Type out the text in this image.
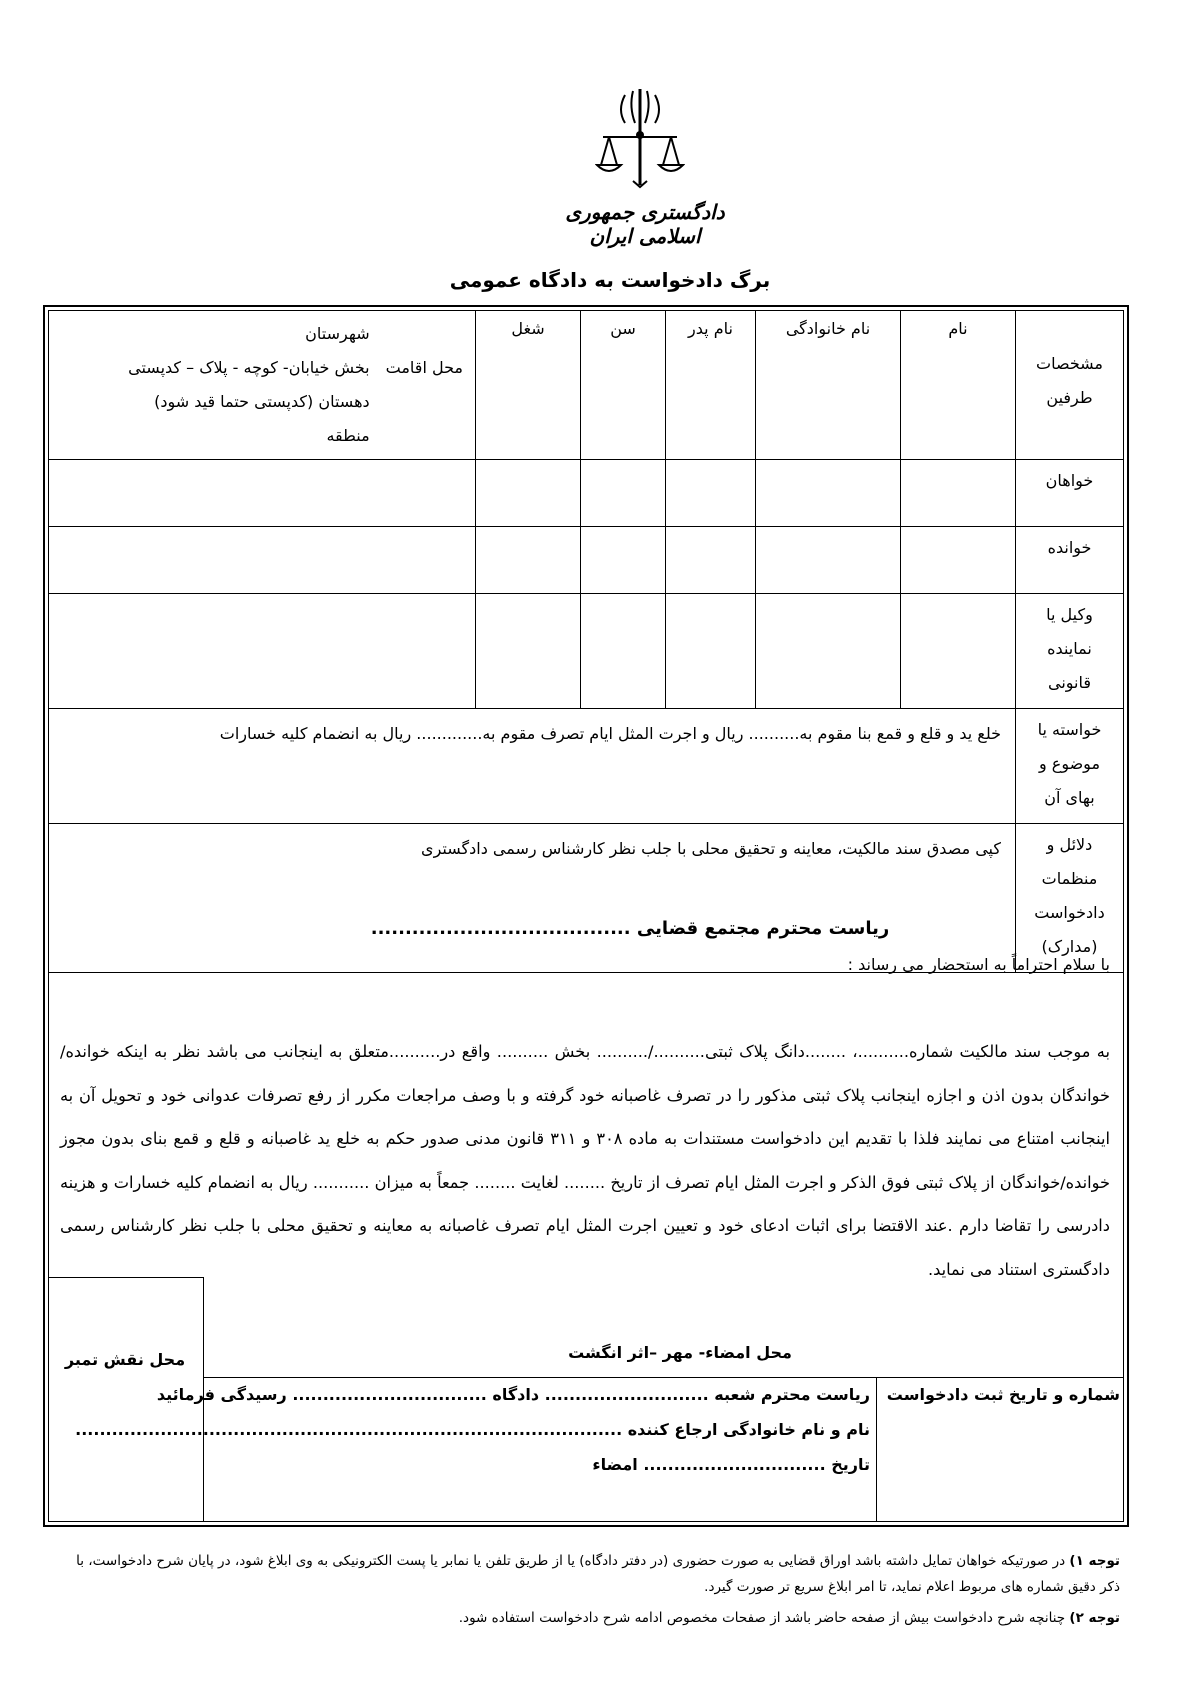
دادگستری جمهوری اسلامی ایران
برگ دادخواست به دادگاه عمومی
مشخصات طرفین	نام	نام خانوادگی	نام پدر	سن	شغل	محل اقامت
شهرستان
بخش خیابان- کوچه - پلاک – کدپستی
دهستان (کدپستی حتما قید شود)
منطقه

خواهان						
خوانده						
وکیل یا نماینده قانونی						
خواسته یا موضوع و بهای آن	خلع ید و قلع و قمع بنا مقوم به.......... ریال و اجرت المثل ایام تصرف مقوم به............. ریال به انضمام کلیه خسارات					
دلائل و منظمات دادخواست (مدارک)	کپی مصدق سند مالکیت، معاینه و تحقیق محلی با جلب نظر کارشناس رسمی دادگستری					
ریاست محترم مجتمع قضایی ......................................
با سلام احتراماً به استحضار می رساند :
به موجب سند مالکیت شماره..........، ........دانگ پلاک ثبتی........../.......... بخش .......... واقع در..........متعلق به اینجانب می باشد نظر به اینکه خوانده/خواندگان بدون اذن و اجازه اینجانب پلاک ثبتی مذکور را در تصرف غاصبانه خود گرفته و با وصف مراجعات مکرر از رفع تصرفات عدوانی خود و تحویل آن به اینجانب امتناع می نمایند فلذا با تقدیم این دادخواست مستندات به ماده ۳۰۸ و ۳۱۱ قانون مدنی صدور حکم به خلع ید غاصبانه و قلع و قمع بنای بدون مجوز خوانده/خواندگان از پلاک ثبتی فوق الذکر و اجرت المثل ایام تصرف از تاریخ ........ لغایت ........ جمعاً به میزان ........... ریال به انضمام کلیه خسارات و هزینه دادرسی را تقاضا دارم .عند الاقتضا برای اثبات ادعای خود و تعیین اجرت المثل ایام تصرف غاصبانه به معاینه و تحقیق محلی با جلب نظر کارشناس رسمی دادگستری استناد می نماید.
محل نقش تمبر	محل امضاء- مهر –اثر انگشت
شماره و تاریخ ثبت دادخواست
ریاست محترم شعبه ........................... دادگاه ................................ رسیدگی فرمائید
نام و نام خانوادگی ارجاع کننده ..........................................................................................
تاریخ .............................. امضاء
توجه ۱) در صورتیکه خواهان تمایل داشته باشد اوراق قضایی به صورت حضوری (در دفتر دادگاه) یا از طریق تلفن یا نمابر یا پست الکترونیکی به وی ابلاغ شود، در پایان شرح دادخواست، با ذکر دقیق شماره های مربوط اعلام نماید، تا امر ابلاغ سریع تر صورت گیرد.
توجه ۲) چنانچه شرح دادخواست بیش از صفحه حاضر باشد از صفحات مخصوص ادامه شرح دادخواست استفاده شود.
